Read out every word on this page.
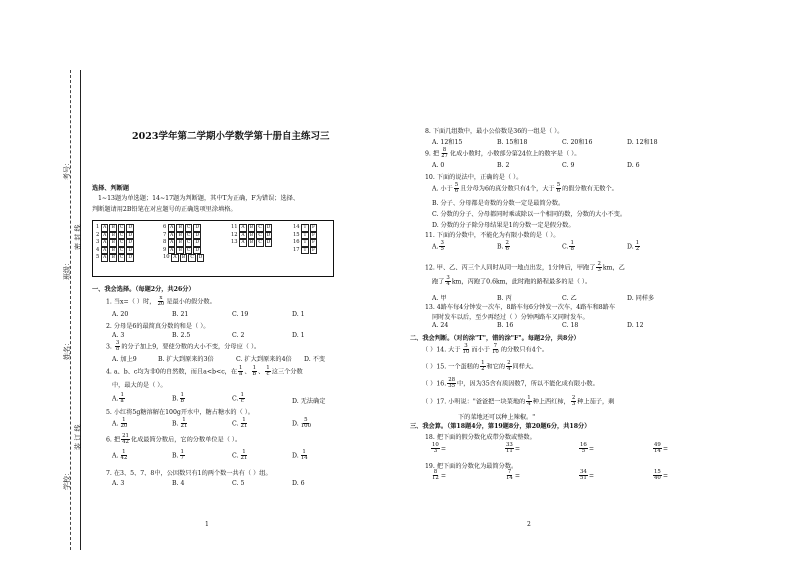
考号：
班级：
姓名：
学校：
密 封 线
装 订 线
2023学年第二学期小学数学第十册自主练习三
选择、判断题
1~13题为单选题；14~17题为判断题，其中T为正确，F为错误；选择、
判断题请用2B铅笔在对应题号的正确选项里涂填格。
1 A B C D
2 A B C D
3 A B C D
4 A B C D
5 A B C D
6 A B C D
7 A B C D
8 A B C D
9 A B C D
10 A B C D
11 A B C D
12 A B C D
13 A B C D
14 T F
15 T F
16 T F
17 T F
一、我会选择。（每题2分，共26分）
1. 当x=（ ）时， $\frac{x}{20}$ 是最小的假分数。
A. 20	B. 21	C. 19	D. 1
2. 分母是6的最简真分数的和是（ ）。
A. 3	B. 2.5	C. 2	D. 1
3. $\frac{3}{8}$ 的分子加上9，要使分数的大小不变，分母应（ ）。
A. 加上9	B. 扩大到原来的3倍	C. 扩大到原来的4倍 D. 不变
4. a、b、c均为非0的自然数，而且a<b<c，在 $\frac{1}{a}$ 、 $\frac{1}{b}$ 、 $\frac{1}{c}$ 这三个分数
中，最大的是（ ）。
A. $\frac{1}{a}$	B. $\frac{1}{b}$	C. $\frac{1}{c}$	D. 无法确定
5. 小红将5g糖溶解在100g开水中，糖占糖水的（ ）。
A. $\frac{1}{20}$	B. $\frac{1}{21}$	C. $\frac{1}{21}$	D. $\frac{5}{100}$
6. 把 $\frac{21}{42}$ 化成最简分数后，它的分数单位是（ ）。
A. $\frac{1}{42}$	B. $\frac{1}{7}$	C. $\frac{1}{21}$	D. $\frac{1}{14}$
7. 在3、5、7、8中，公因数只有1的两个数一共有（ ）组。
A. 3	B. 4	C. 5	D. 6
1
8. 下面几组数中，最小公倍数是36的一组是（ ）。
A. 12和15	B. 15和18	C. 20和16	D. 12和18
9. 把 $\frac{8}{27}$ 化成小数时，小数部分第24位上的数字是（ ）。
A. 0	B. 2	C. 9	D. 6
10. 下面的说法中，正确的是（ ）。
A. 小于 $\frac{5}{6}$ 且分母为6的真分数只有4个，大于 $\frac{5}{6}$ 的假分数有无数个。
B. 分子、分母都是奇数的分数一定是最简分数。
C. 分数的分子、分母都同时乘或除以一个相同的数，分数的大小不变。
D. 分数的分子除分母结果是1的分数一定是假分数。
11. 下面的分数中，不能化为有限小数的是（ ）。
A. $\frac{3}{5}$	B. $\frac{2}{6}$	C. $\frac{1}{8}$	D. $\frac{1}{2}$
12. 甲、乙、丙三个人同时从同一地点出发，1分钟后，甲跑了 $\frac{2}{3}$ km，乙
跑了 $\frac{3}{4}$ km，丙跑了0.6km，此时跑的路程最多的是（ ）。
A. 甲	B. 丙	C. 乙	D. 同样多
13. 4路车每4分钟发一次车，8路车每6分钟发一次车，4路车和8路车
同时发车以后，至少再经过（ ）分钟两路车又同时发车。
A. 24	B. 16	C. 18	D. 12
二、我会判断。（对的涂"T"，错的涂"F"。每题2分，共8分）
（ ）14. 大于 $\frac{3}{10}$ 而小于 $\frac{7}{10}$ 的分数只有4个。
（ ）15. 一个蛋糕的 $\frac{1}{2}$ 和它的 $\frac{2}{4}$ 同样大。
（ ）16. $\frac{28}{35}$ 中，因为35含有质因数7，所以不能化成有限小数。
（ ）17. 小明说："爸爸把一块菜地的 $\frac{1}{4}$ 种上西红柿， $\frac{2}{3}$ 种上茄子，剩
下的菜地还可以种上辣椒。"
三、我会算。（第18题4分，第19题8分，第20题6分，共18分）
18. 把下面的假分数化成带分数或整数。
$\frac{10}{3}$ =	$\frac{33}{11}$ =	$\frac{16}{5}$ =	$\frac{49}{14}$ =
19. 把下面的分数化为最简分数。
$\frac{8}{12}$ =	$\frac{7}{14}$ =	$\frac{34}{51}$ =	$\frac{15}{40}$ =
2
